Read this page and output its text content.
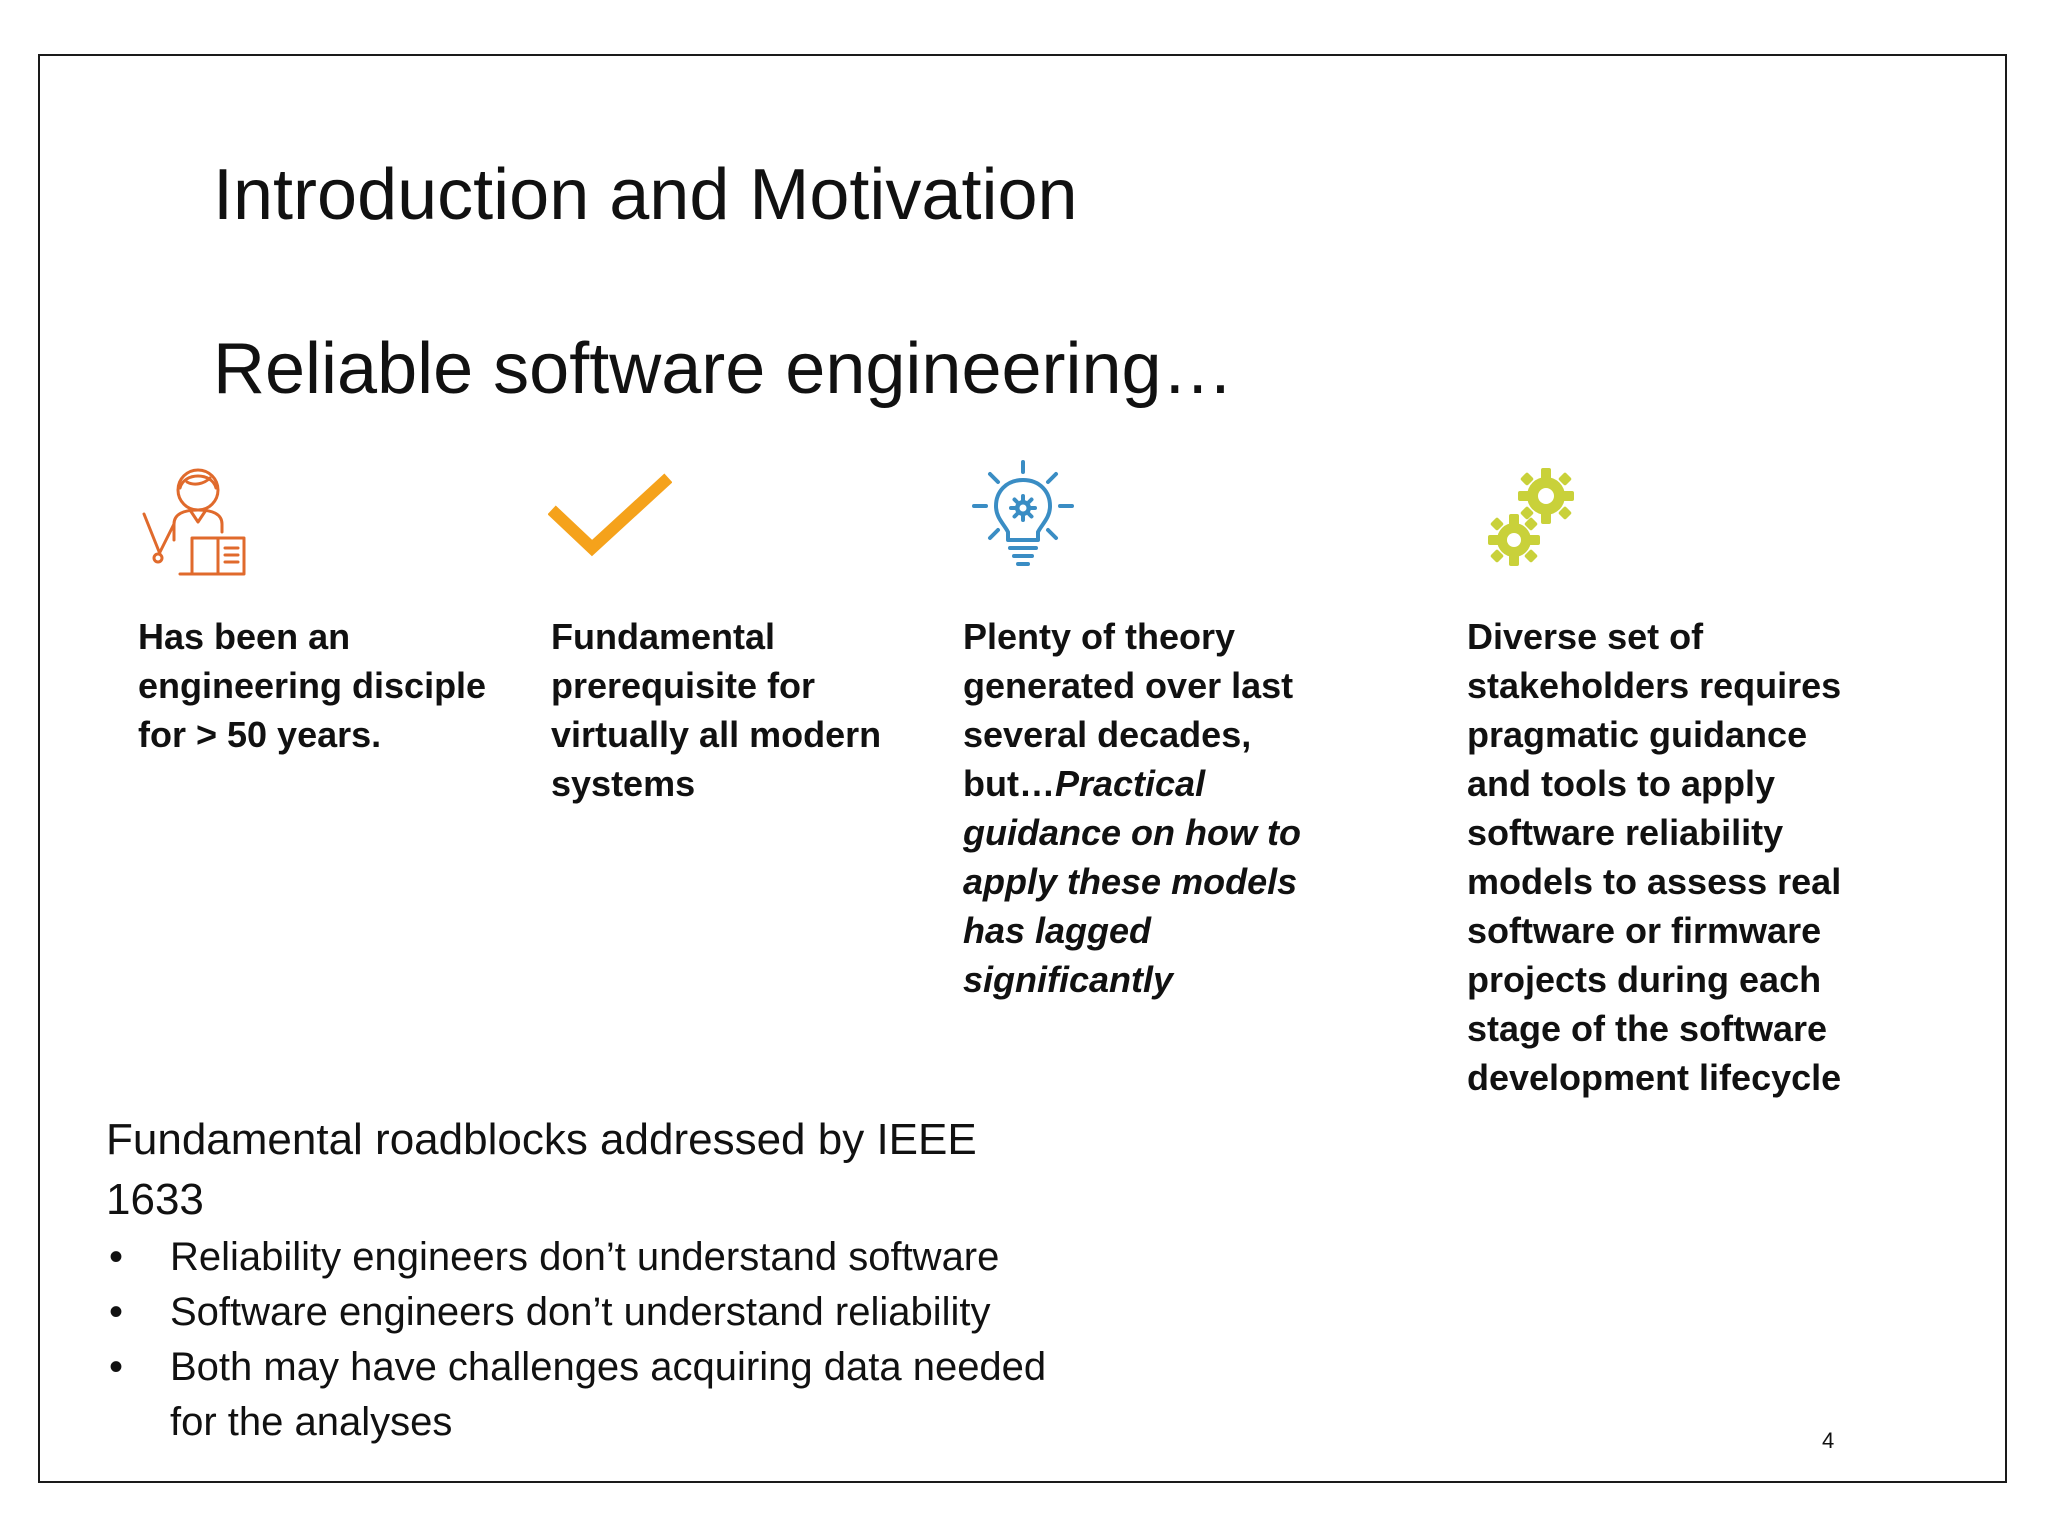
Introduction and Motivation
Reliable software engineering…

Has been an engineering disciple for > 50 years.

Fundamental prerequisite for virtually all modern systems

Plenty of theory generated over last several decades, but…Practical guidance on how to apply these models has lagged significantly

Diverse set of stakeholders requires pragmatic guidance and tools to apply software reliability models to assess real software or firmware projects during each stage of the software development lifecycle

Fundamental roadblocks addressed by IEEE 1633

• Reliability engineers don’t understand software
• Software engineers don’t understand reliability
• Both may have challenges acquiring data needed for the analyses	4
